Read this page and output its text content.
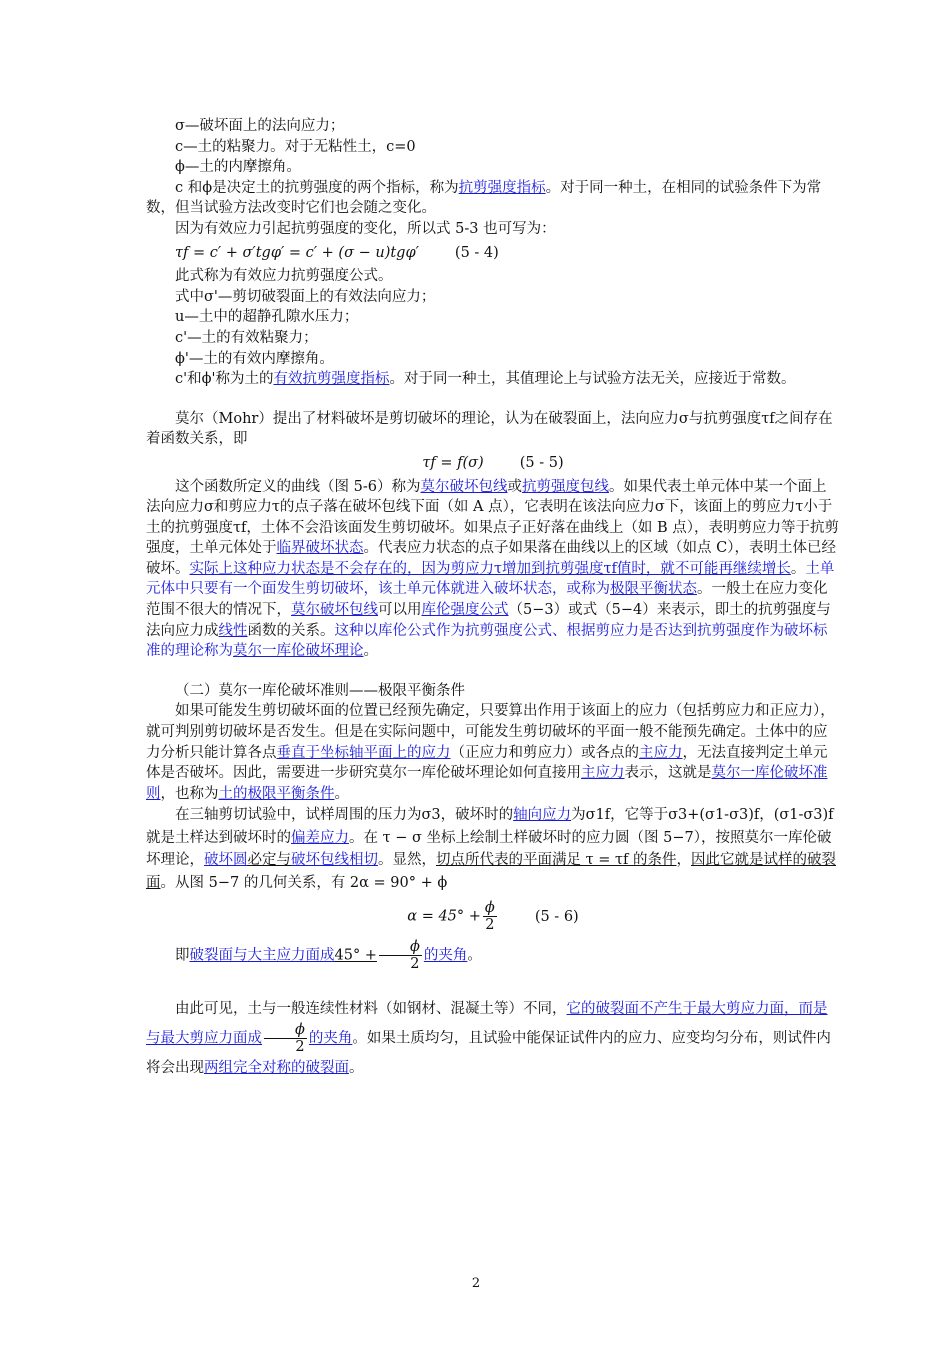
σ—破坏面上的法向应力；

c—土的粘聚力。对于无粘性土，c=0

ϕ—土的内摩擦角。

c 和ϕ是决定土的抗剪强度的两个指标，称为抗剪强度指标。对于同一种土，在相同的试验条件下为常数，但当试验方法改变时它们也会随之变化。

因为有效应力引起抗剪强度的变化，所以式 5-3 也可写为：

τf = c′ + σ′tgφ′ = c′ + (σ − u)tgφ′ (5 - 4)

此式称为有效应力抗剪强度公式。

式中σ'—剪切破裂面上的有效法向应力；

u—土中的超静孔隙水压力；

c'—土的有效粘聚力；

ϕ'—土的有效内摩擦角。

c'和ϕ'称为土的有效抗剪强度指标。对于同一种土，其值理论上与试验方法无关，应接近于常数。

莫尔（Mohr）提出了材料破坏是剪切破坏的理论，认为在破裂面上，法向应力σ与抗剪强度τf之间存在着函数关系，即

τf = f(σ) (5 - 5)

这个函数所定义的曲线（图 5-6）称为莫尔破坏包线或抗剪强度包线。如果代表土单元体中某一个面上法向应力σ和剪应力τ的点子落在破坏包线下面（如 A 点），它表明在该法向应力σ下，该面上的剪应力τ小于土的抗剪强度τf，土体不会沿该面发生剪切破坏。如果点子正好落在曲线上（如 B 点），表明剪应力等于抗剪强度，土单元体处于临界破坏状态。代表应力状态的点子如果落在曲线以上的区域（如点 C），表明土体已经破坏。实际上这种应力状态是不会存在的，因为剪应力τ增加到抗剪强度τf值时，就不可能再继续增长。土单元体中只要有一个面发生剪切破坏，该土单元体就进入破坏状态，或称为极限平衡状态。一般土在应力变化范围不很大的情况下，莫尔破坏包线可以用库伦强度公式（5−3）或式（5−4）来表示，即土的抗剪强度与法向应力成线性函数的关系。这种以库伦公式作为抗剪强度公式、根据剪应力是否达到抗剪强度作为破坏标准的理论称为莫尔一库伦破坏理论。

（二）莫尔一库伦破坏准则——极限平衡条件

如果可能发生剪切破坏面的位置已经预先确定，只要算出作用于该面上的应力（包括剪应力和正应力），就可判别剪切破坏是否发生。但是在实际问题中，可能发生剪切破坏的平面一般不能预先确定。土体中的应力分析只能计算各点垂直于坐标轴平面上的应力（正应力和剪应力）或各点的主应力，无法直接判定土单元体是否破坏。因此，需要进一步研究莫尔一库伦破坏理论如何直接用主应力表示，这就是莫尔一库伦破坏准则，也称为土的极限平衡条件。

在三轴剪切试验中，试样周围的压力为σ3，破坏时的轴向应力为σ1f，它等于σ3+(σ1-σ3)f，(σ1-σ3)f就是土样达到破坏时的偏差应力。在 τ − σ 坐标上绘制土样破坏时的应力圆（图 5−7），按照莫尔一库伦破坏理论，破坏圆必定与破坏包线相切。显然，切点所代表的平面满足 τ = τf 的条件，因此它就是试样的破裂面。从图 5−7 的几何关系，有 2α = 90° + ϕ

$\alpha = 45^\circ + \frac{\phi}{2}$	(5 - 6)

即破裂面与大主应力面成$45^\circ + \frac{\phi}{2}$ 的夹角。

由此可见，土与一般连续性材料（如钢材、混凝土等）不同，它的破裂面不产生于最大剪应力面，而是与最大剪应力面成 $\frac{\phi}{2}$ 的夹角。如果土质均匀，且试验中能保证试件内的应力、应变均匀分布，则试件内将会出现两组完全对称的破裂面。

2
